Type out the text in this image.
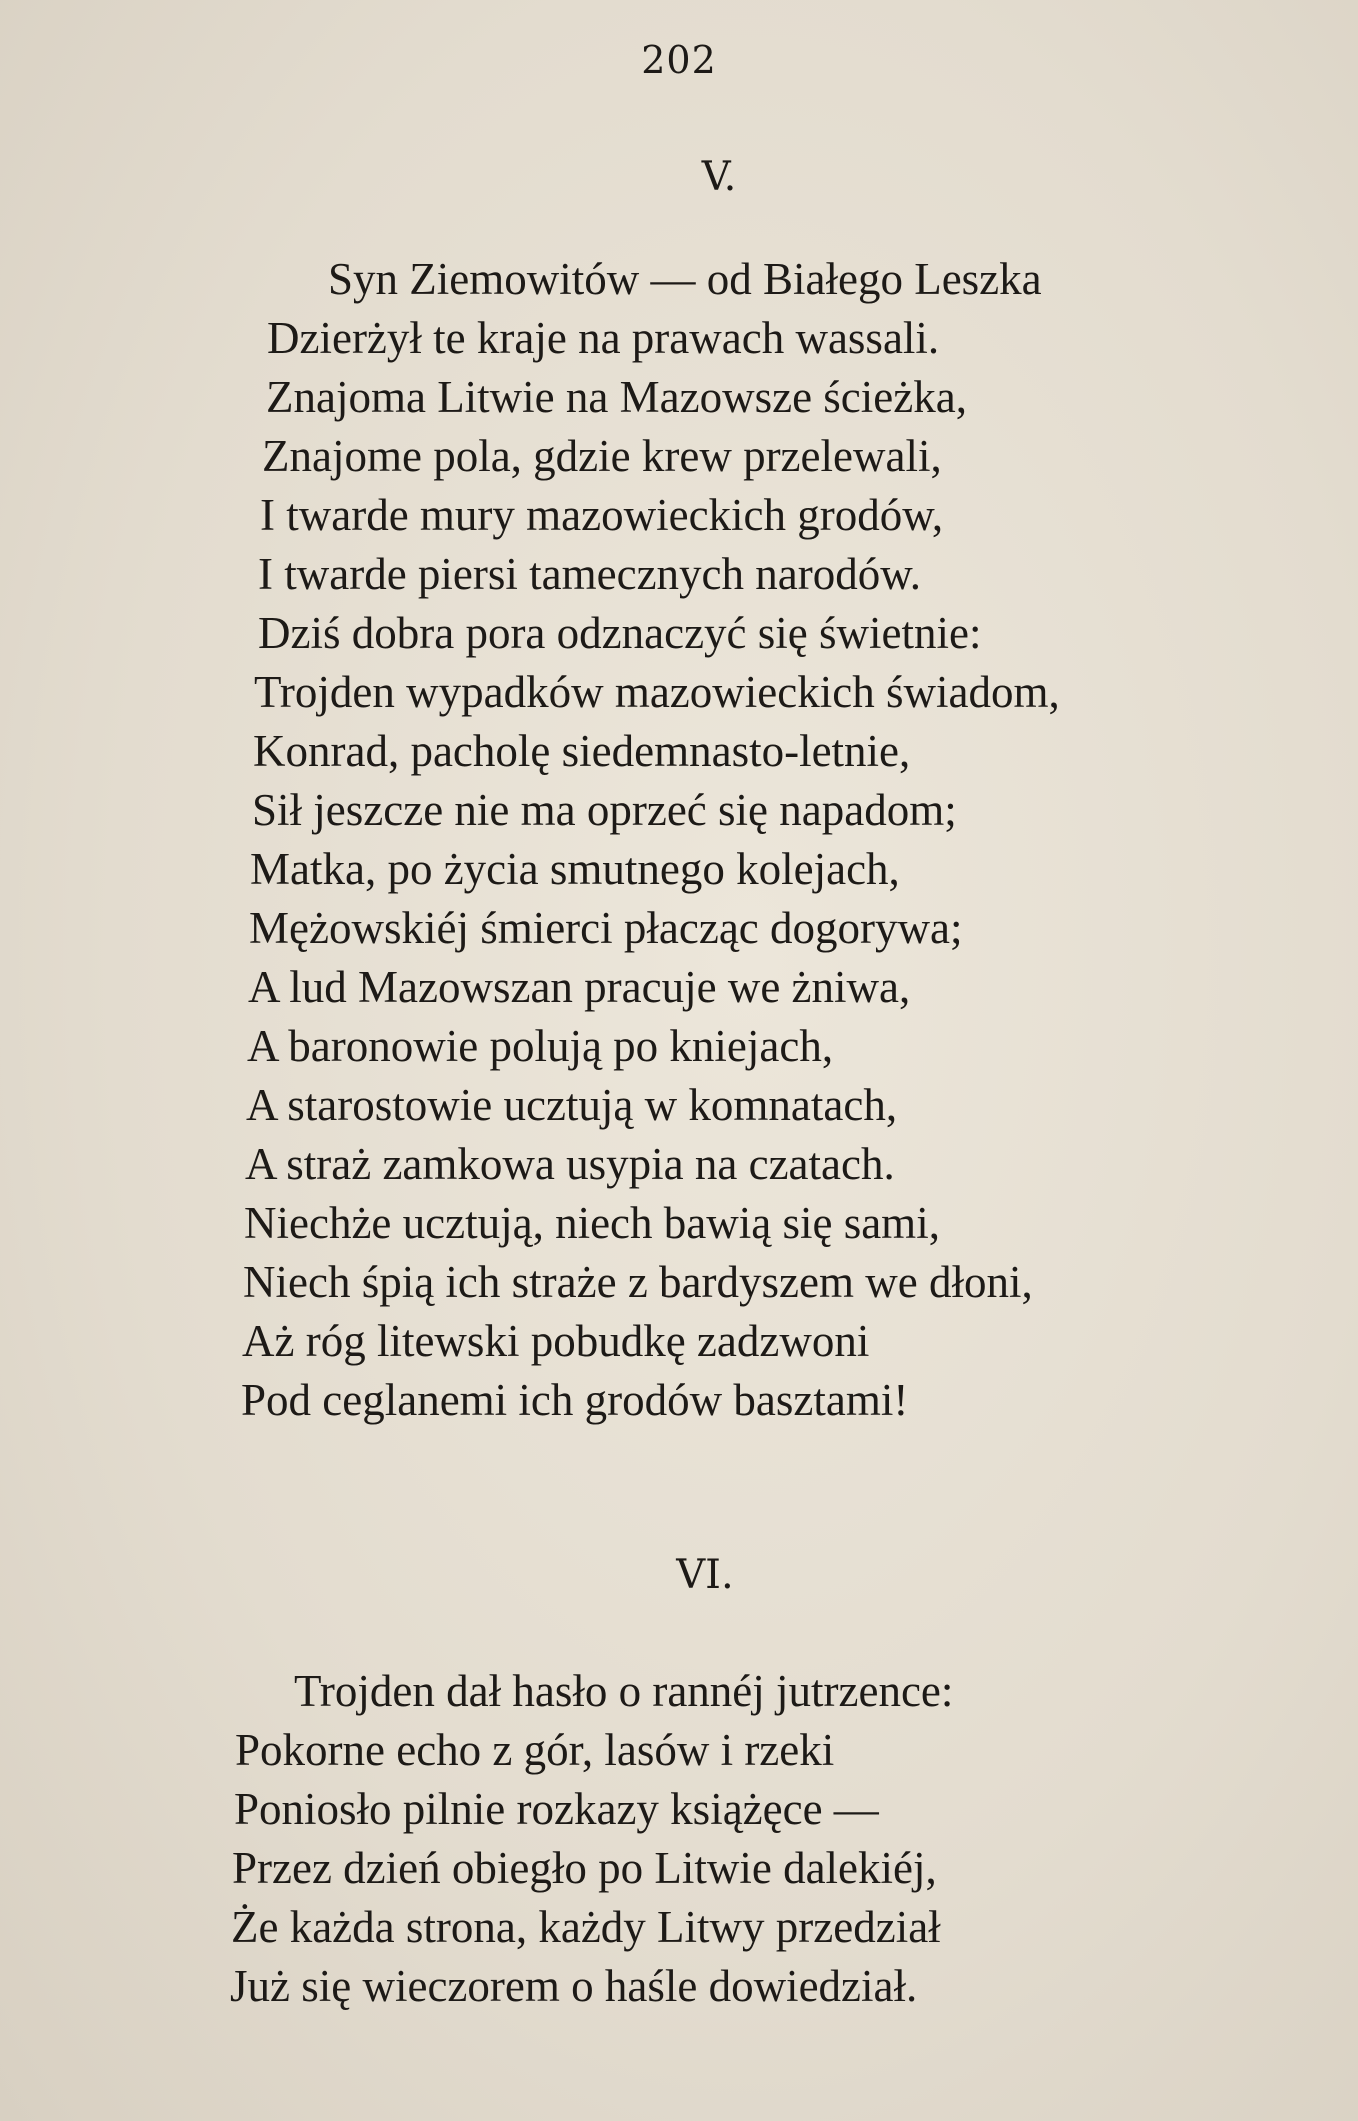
202
V.
Syn Ziemowitów — od Białego Leszka
Dzierżył te kraje na prawach wassali.
Znajoma Litwie na Mazowsze ścieżka,
Znajome pola, gdzie krew przelewali,
I twarde mury mazowieckich grodów,
I twarde piersi tamecznych narodów.
Dziś dobra pora odznaczyć się świetnie:
Trojden wypadków mazowieckich świadom,
Konrad, pacholę siedemnasto-letnie,
Sił jeszcze nie ma oprzeć się napadom;
Matka, po życia smutnego kolejach,
Mężowskiéj śmierci płacząc dogorywa;
A lud Mazowszan pracuje we żniwa,
A baronowie polują po kniejach,
A starostowie ucztują w komnatach,
A straż zamkowa usypia na czatach.
Niechże ucztują, niech bawią się sami,
Niech śpią ich straże z bardyszem we dłoni,
Aż róg litewski pobudkę zadzwoni
Pod ceglanemi ich grodów basztami!
VI.
Trojden dał hasło o rannéj jutrzence:
Pokorne echo z gór, lasów i rzeki
Poniosło pilnie rozkazy książęce —
Przez dzień obiegło po Litwie dalekiéj,
Że każda strona, każdy Litwy przedział
Już się wieczorem o haśle dowiedział.
